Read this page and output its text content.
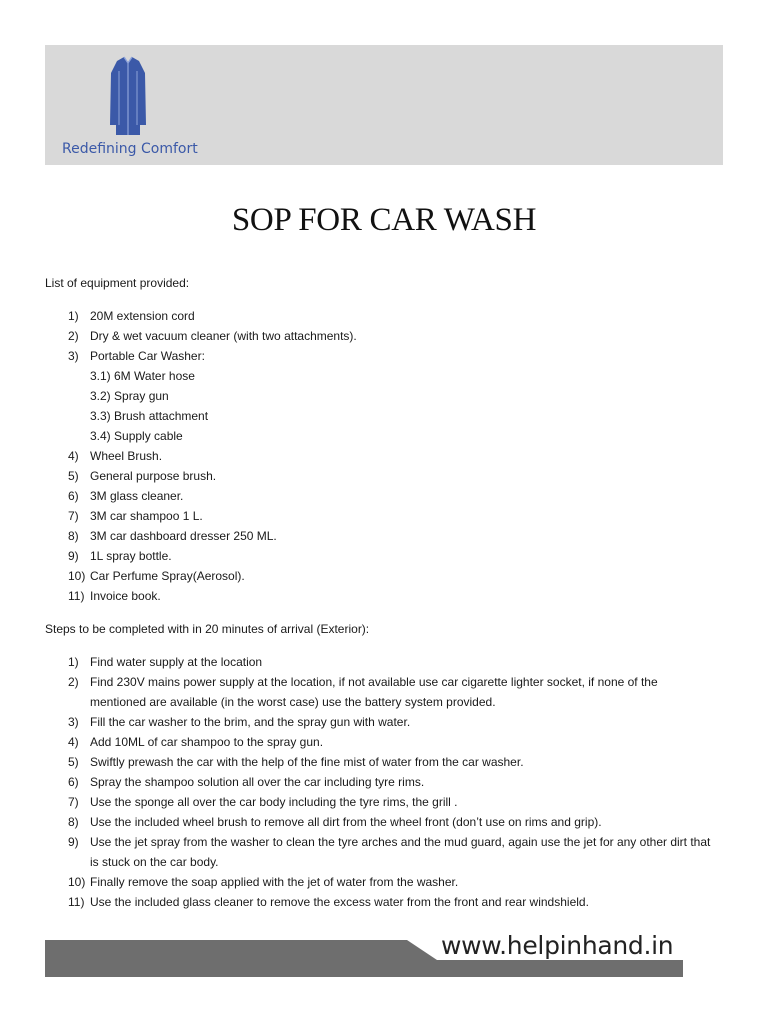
Redefining Comfort
SOP FOR CAR WASH

List of equipment provided:

1) 20M extension cord
2) Dry & wet vacuum cleaner (with two attachments).
3) Portable Car Washer:
3.1) 6M Water hose
3.2) Spray gun
3.3) Brush attachment
3.4) Supply cable
4) Wheel Brush.
5) General purpose brush.
6) 3M glass cleaner.
7) 3M car shampoo 1 L.
8) 3M car dashboard dresser 250 ML.
9) 1L spray bottle.
10) Car Perfume Spray(Aerosol).
11) Invoice book.

Steps to be completed with in 20 minutes of arrival (Exterior):

1) Find water supply at the location
2) Find 230V mains power supply at the location, if not available use car cigarette lighter socket, if none of the mentioned are available (in the worst case) use the battery system provided.
3) Fill the car washer to the brim, and the spray gun with water.
4) Add 10ML of car shampoo to the spray gun.
5) Swiftly prewash the car with the help of the fine mist of water from the car washer.
6) Spray the shampoo solution all over the car including tyre rims.
7) Use the sponge all over the car body including the tyre rims, the grill .
8) Use the included wheel brush to remove all dirt from the wheel front (don’t use on rims and grip).
9) Use the jet spray from the washer to clean the tyre arches and the mud guard, again use the jet for any other dirt that is stuck on the car body.
10) Finally remove the soap applied with the jet of water from the washer.
11) Use the included glass cleaner to remove the excess water from the front and rear windshield.
www.helpinhand.in
